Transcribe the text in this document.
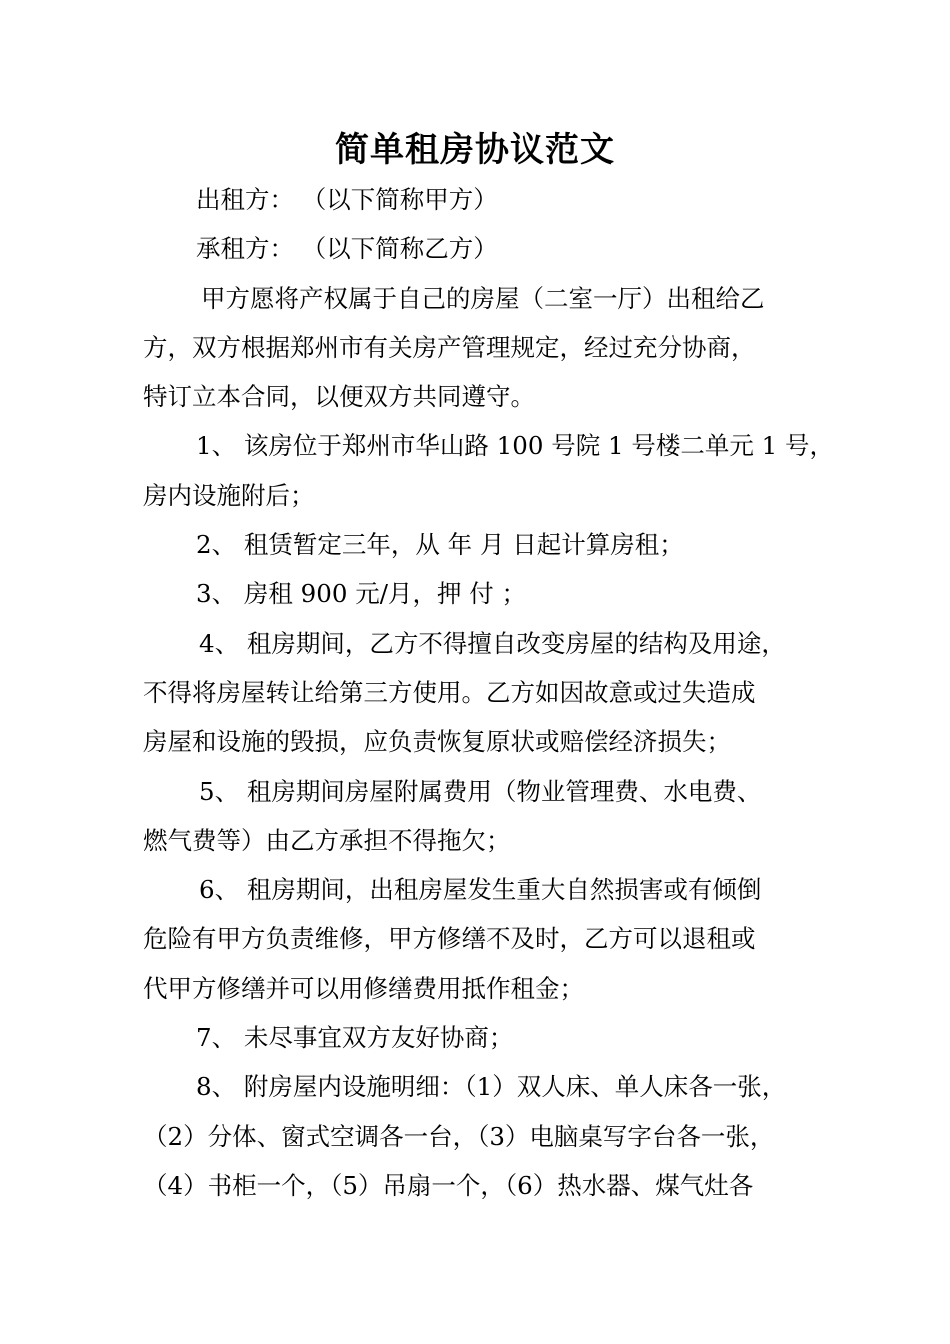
简单租房协议范文
出租方： （以下简称甲方）
承租方： （以下简称乙方）
甲方愿将产权属于自己的房屋（二室一厅）出租给乙
方，双方根据郑州市有关房产管理规定，经过充分协商，
特订立本合同，以便双方共同遵守。
1、 该房位于郑州市华山路 100 号院 1 号楼二单元 1 号，
房内设施附后；
2、 租赁暂定三年，从 年 月 日起计算房租；
3、 房租 900 元/月，押 付 ；
4、 租房期间，乙方不得擅自改变房屋的结构及用途，
不得将房屋转让给第三方使用。乙方如因故意或过失造成
房屋和设施的毁损，应负责恢复原状或赔偿经济损失；
5、 租房期间房屋附属费用（物业管理费、水电费、
燃气费等）由乙方承担不得拖欠；
6、 租房期间，出租房屋发生重大自然损害或有倾倒
危险有甲方负责维修，甲方修缮不及时，乙方可以退租或
代甲方修缮并可以用修缮费用抵作租金；
7、 未尽事宜双方友好协商；
8、 附房屋内设施明细：（1）双人床、单人床各一张，
（2）分体、窗式空调各一台，（3）电脑桌写字台各一张，
（4）书柜一个，（5）吊扇一个，（6）热水器、煤气灶各
